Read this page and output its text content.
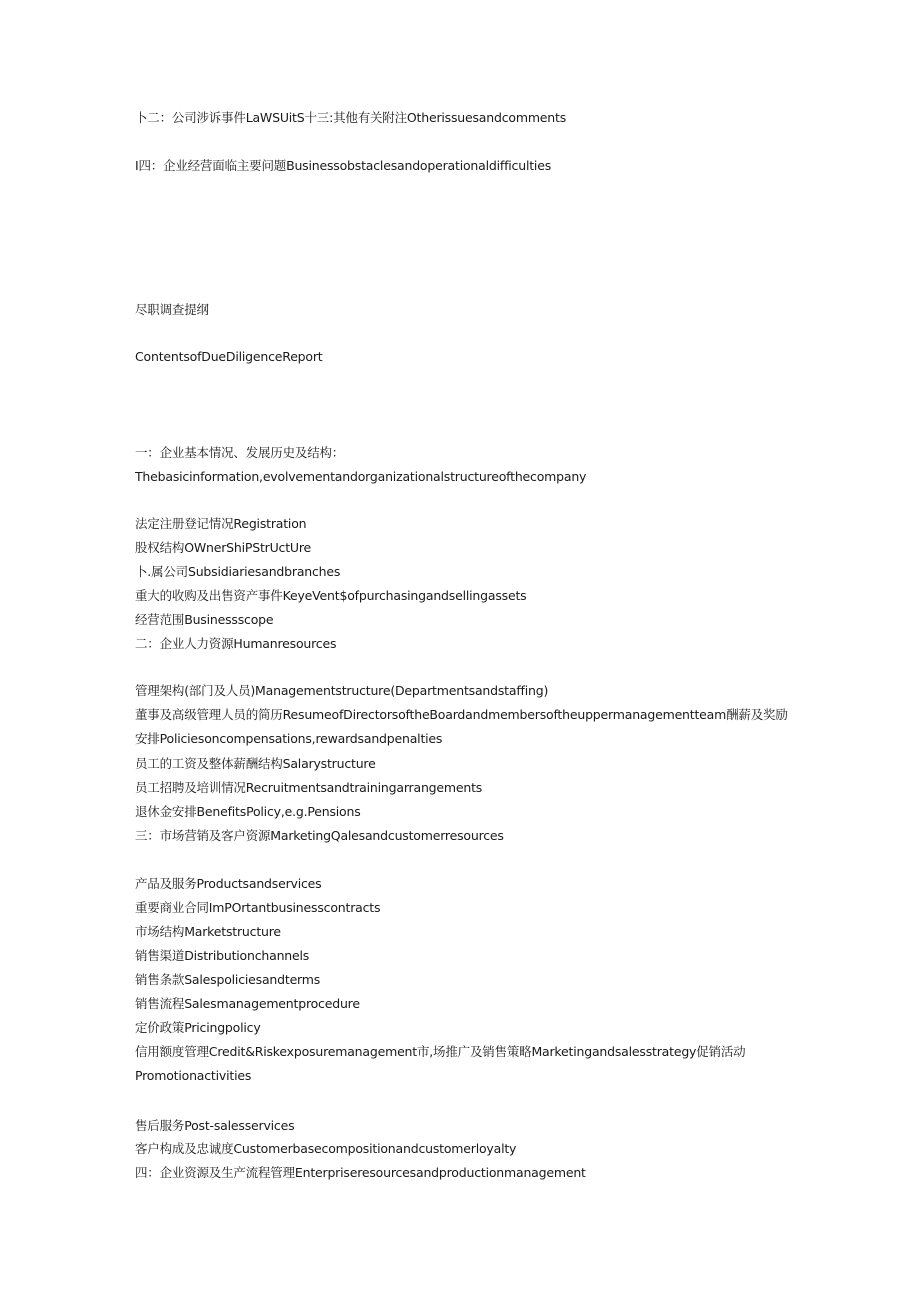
卜二：公司涉诉事件LaWSUitS十三:其他有关附注Otherissuesandcomments
I四：企业经营面临主要问题Businessobstaclesandoperationaldifficulties
尽职调查提纲
ContentsofDueDiligenceReport
一：企业基本情况、发展历史及结构：
Thebasicinformation,evolvementandorganizationalstructureofthecompany
法定注册登记情况Registration
股权结构OWnerShiPStrUctUre
卜.属公司Subsidiariesandbranches
重大的收购及出售资产事件KeyeVent$ofpurchasingandsellingassets
经营范围Businessscope
二：企业人力资源Humanresources
管理架构(部门及人员)Managementstructure(Departmentsandstaffing)
董事及高级管理人员的简历ResumeofDirectorsoftheBoardandmembersoftheuppermanagementteam酬薪及奖励安排Policiesoncompensations,rewardsandpenalties
员工的工资及整体薪酬结构Salarystructure
员工招聘及培训情况Recruitmentsandtrainingarrangements
退休金安排BenefitsPolicy,e.g.Pensions
三：市场营销及客户资源MarketingQalesandcustomerresources
产品及服务Productsandservices
重要商业合同ImPOrtantbusinesscontracts
市场结构Marketstructure
销售渠道Distributionchannels
销售条款Salespoliciesandterms
销售流程Salesmanagementprocedure
定价政策Pricingpolicy
信用额度管理Credit&Riskexposuremanagement市,场推广及销售策略Marketingandsalesstrategy促销活动Promotionactivities
售后服务Post-salesservices
客户构成及忠诚度Customerbasecompositionandcustomerloyalty
四：企业资源及生产流程管理Enterpriseresourcesandproductionmanagement
